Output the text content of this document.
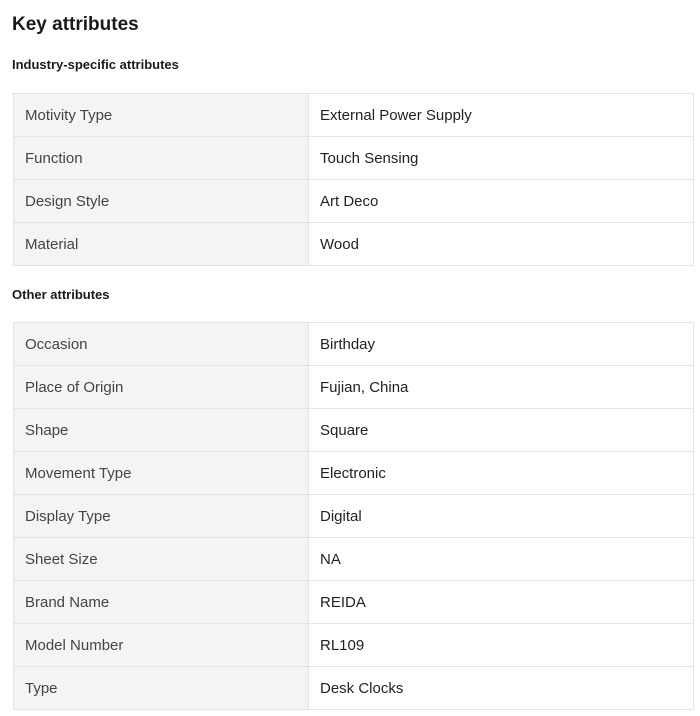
Key attributes
Industry-specific attributes
Motivity Type	External Power Supply
Function	Touch Sensing
Design Style	Art Deco
Material	Wood
Other attributes
Occasion	Birthday
Place of Origin	Fujian, China
Shape	Square
Movement Type	Electronic
Display Type	Digital
Sheet Size	NA
Brand Name	REIDA
Model Number	RL109
Type	Desk Clocks
